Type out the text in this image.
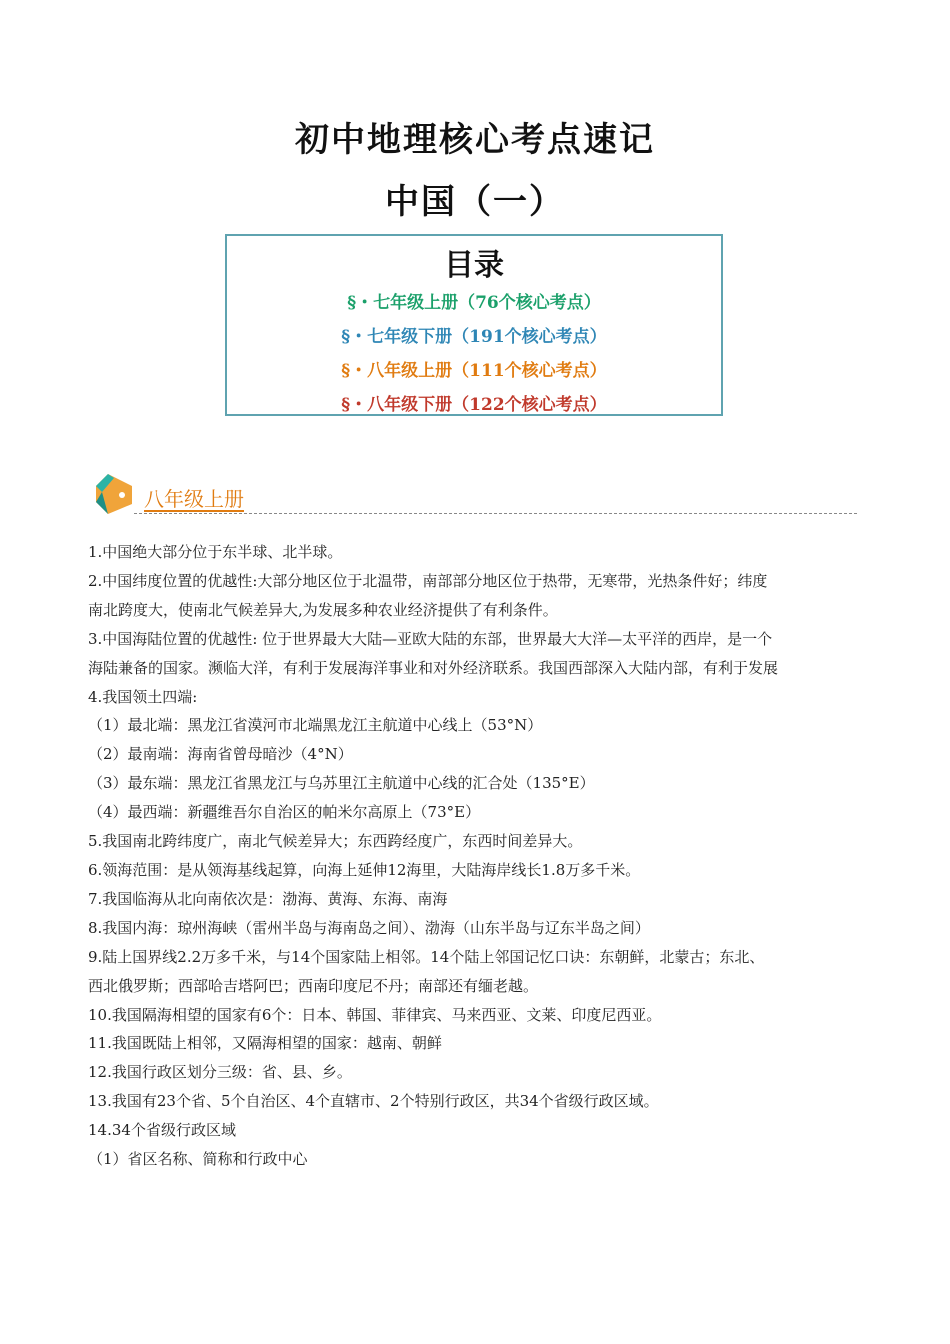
初中地理核心考点速记
中国（一）
目录
§・七年级上册（76个核心考点）
§・七年级下册（191个核心考点）
§・八年级上册（111个核心考点）
§・八年级下册（122个核心考点）
八年级上册
1.中国绝大部分位于东半球、北半球。
2.中国纬度位置的优越性:大部分地区位于北温带，南部部分地区位于热带，无寒带，光热条件好；纬度
南北跨度大，使南北气候差异大,为发展多种农业经济提供了有利条件。
3.中国海陆位置的优越性: 位于世界最大大陆—亚欧大陆的东部，世界最大大洋—太平洋的西岸，是一个
海陆兼备的国家。濒临大洋，有利于发展海洋事业和对外经济联系。我国西部深入大陆内部，有利于发展
4.我国领土四端:
（1）最北端：黑龙江省漠河市北端黑龙江主航道中心线上（53°N）
（2）最南端：海南省曾母暗沙（4°N）
（3）最东端：黑龙江省黑龙江与乌苏里江主航道中心线的汇合处（135°E）
（4）最西端：新疆维吾尔自治区的帕米尔高原上（73°E）
5.我国南北跨纬度广，南北气候差异大；东西跨经度广，东西时间差异大。
6.领海范围：是从领海基线起算，向海上延伸12海里，大陆海岸线长1.8万多千米。
7.我国临海从北向南依次是：渤海、黄海、东海、南海
8.我国内海：琼州海峡（雷州半岛与海南岛之间）、渤海（山东半岛与辽东半岛之间）
9.陆上国界线2.2万多千米，与14个国家陆上相邻。14个陆上邻国记忆口诀：东朝鲜，北蒙古；东北、
西北俄罗斯；西部哈吉塔阿巴；西南印度尼不丹；南部还有缅老越。
10.我国隔海相望的国家有6个：日本、韩国、菲律宾、马来西亚、文莱、印度尼西亚。
11.我国既陆上相邻，又隔海相望的国家：越南、朝鲜
12.我国行政区划分三级：省、县、乡。
13.我国有23个省、5个自治区、4个直辖市、2个特别行政区，共34个省级行政区域。
14.34个省级行政区域
（1）省区名称、简称和行政中心
